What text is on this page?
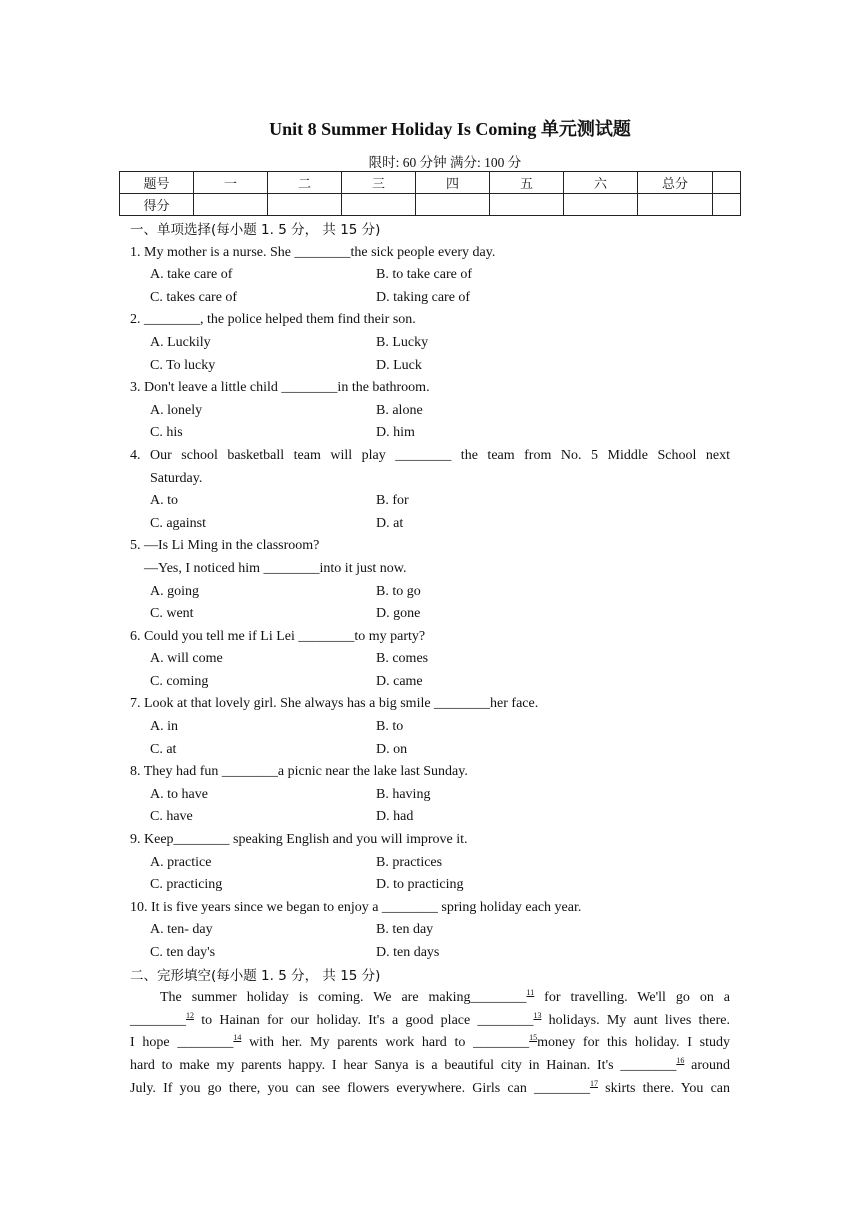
Unit 8 Summer Holiday Is Coming 单元测试题
限时: 60 分钟 满分: 100 分
题号	一	二	三	四	五	六	总分	
得分								
一、单项选择(每小题 1. 5 分， 共 15 分)
1. My mother is a nurse. She ________the sick people every day.
A. take care of	B. to take care of
C. takes care of	D. taking care of
2. ________, the police helped them find their son.
A. Luckily	B. Lucky
C. To lucky	D. Luck
3. Don't leave a little child ________in the bathroom.
A. lonely	B. alone
C. his	D. him
4. Our school basketball team will play ________ the team from No. 5 Middle School next
Saturday.
A. to	B. for
C. against	D. at
5. —Is Li Ming in the classroom?
—Yes, I noticed him ________into it just now.
A. going	B. to go
C. went	D. gone
6. Could you tell me if Li Lei ________to my party?
A. will come	B. comes
C. coming	D. came
7. Look at that lovely girl. She always has a big smile ________her face.
A. in	B. to
C. at	D. on
8. They had fun ________a picnic near the lake last Sunday.
A. to have	B. having
C. have	D. had
9. Keep________ speaking English and you will improve it.
A. practice	B. practices
C. practicing	D. to practicing
10. It is five years since we began to enjoy a ________ spring holiday each year.
A. ten- day	B. ten day
C. ten day's	D. ten days
二、完形填空(每小题 1. 5 分， 共 15 分)
The summer holiday is coming. We are making________$^{11}$ for travelling. We'll go on a
________$^{12}$ to Hainan for our holiday. It's a good place ________$^{13}$ holidays. My aunt lives there.
I hope ________$^{14}$ with her. My parents work hard to ________$^{15}$money for this holiday. I study
hard to make my parents happy. I hear Sanya is a beautiful city in Hainan. It's ________$^{16}$ around
July. If you go there, you can see flowers everywhere. Girls can ________$^{17}$ skirts there. You can
